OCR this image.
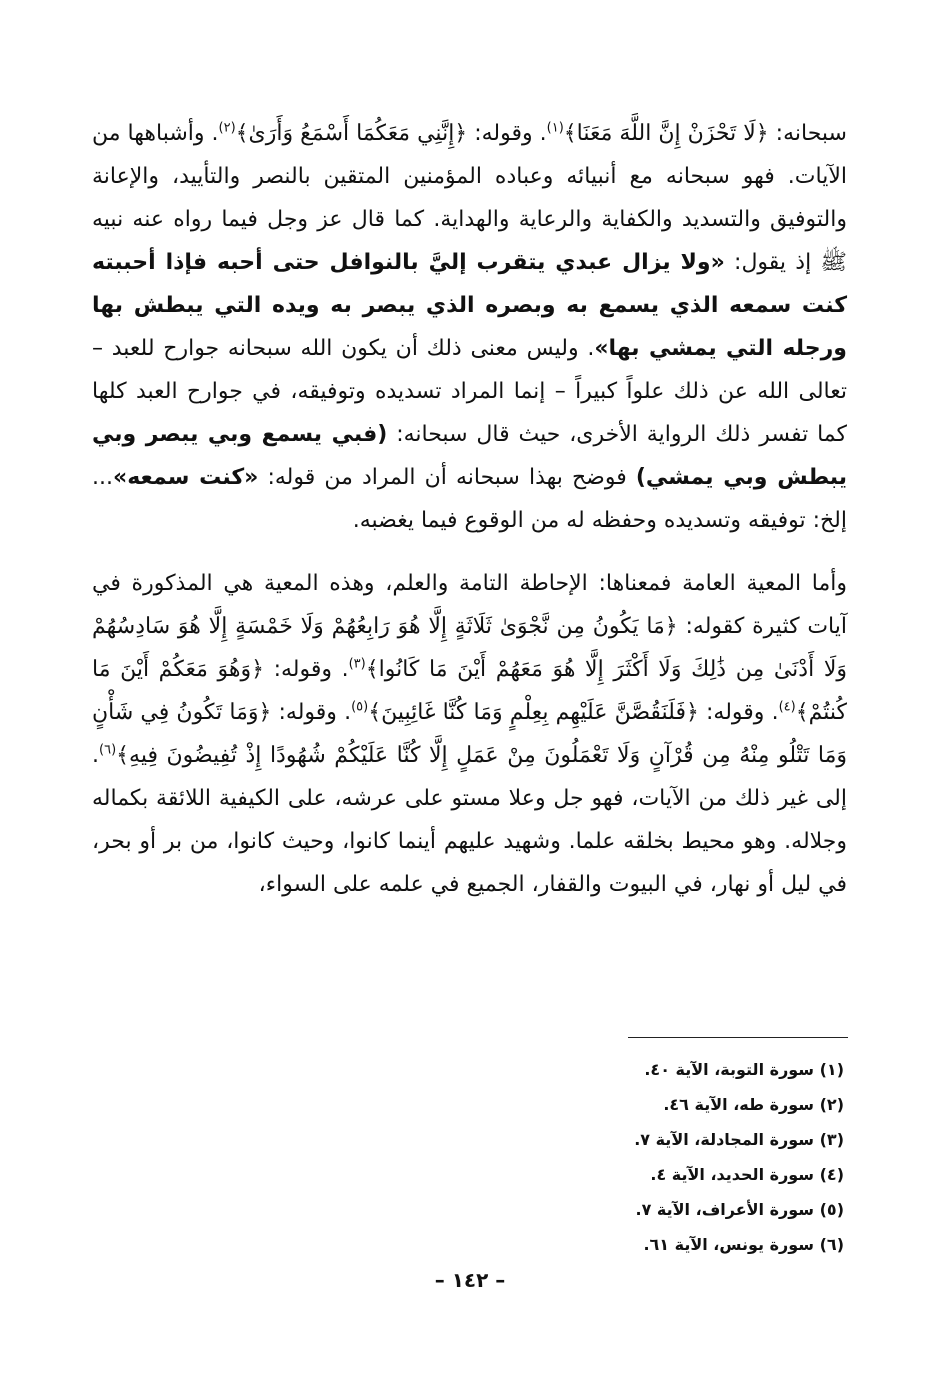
سبحانه: ﴿لَا تَحْزَنْ إِنَّ اللَّهَ مَعَنَا﴾$^{(١)}$. وقوله: ﴿إِنَّنِي مَعَكُمَا أَسْمَعُ وَأَرَىٰ﴾$^{(٢)}$. وأشباهها من الآيات. فهو سبحانه مع أنبيائه وعباده المؤمنين المتقين بالنصر والتأييد، والإعانة والتوفيق والتسديد والكفاية والرعاية والهداية. كما قال عز وجل فيما رواه عنه نبيه ﷺ إذ يقول: «ولا يزال عبدي يتقرب إليَّ بالنوافل حتى أحبه فإذا أحببته كنت سمعه الذي يسمع به وبصره الذي يبصر به ويده التي يبطش بها ورجله التي يمشي بها». وليس معنى ذلك أن يكون الله سبحانه جوارح للعبد – تعالى الله عن ذلك علواً كبيراً – إنما المراد تسديده وتوفيقه، في جوارح العبد كلها كما تفسر ذلك الرواية الأخرى، حيث قال سبحانه: (فبي يسمع وبي يبصر وبي يبطش وبي يمشي) فوضح بهذا سبحانه أن المراد من قوله: «كنت سمعه»... إلخ: توفيقه وتسديده وحفظه له من الوقوع فيما يغضبه.

وأما المعية العامة فمعناها: الإحاطة التامة والعلم، وهذه المعية هي المذكورة في آيات كثيرة كقوله: ﴿مَا يَكُونُ مِن نَّجْوَىٰ ثَلَاثَةٍ إِلَّا هُوَ رَابِعُهُمْ وَلَا خَمْسَةٍ إِلَّا هُوَ سَادِسُهُمْ وَلَا أَدْنَىٰ مِن ذَٰلِكَ وَلَا أَكْثَرَ إِلَّا هُوَ مَعَهُمْ أَيْنَ مَا كَانُوا﴾$^{(٣)}$. وقوله: ﴿وَهُوَ مَعَكُمْ أَيْنَ مَا كُنتُمْ﴾$^{(٤)}$. وقوله: ﴿فَلَنَقُصَّنَّ عَلَيْهِم بِعِلْمٍ وَمَا كُنَّا غَائِبِينَ﴾$^{(٥)}$. وقوله: ﴿وَمَا تَكُونُ فِي شَأْنٍ وَمَا تَتْلُو مِنْهُ مِن قُرْآنٍ وَلَا تَعْمَلُونَ مِنْ عَمَلٍ إِلَّا كُنَّا عَلَيْكُمْ شُهُودًا إِذْ تُفِيضُونَ فِيهِ﴾$^{(٦)}$. إلى غير ذلك من الآيات، فهو جل وعلا مستو على عرشه، على الكيفية اللائقة بكماله وجلاله. وهو محيط بخلقه علما. وشهيد عليهم أينما كانوا، وحيث كانوا، من بر أو بحر، في ليل أو نهار، في البيوت والقفار، الجميع في علمه على السواء،

(١) سورة التوبة، الآية ٤٠.
(٢) سورة طه، الآية ٤٦.
(٣) سورة المجادلة، الآية ٧.
(٤) سورة الحديد، الآية ٤.
(٥) سورة الأعراف، الآية ٧.
(٦) سورة يونس، الآية ٦١.
– ١٤٢ –
